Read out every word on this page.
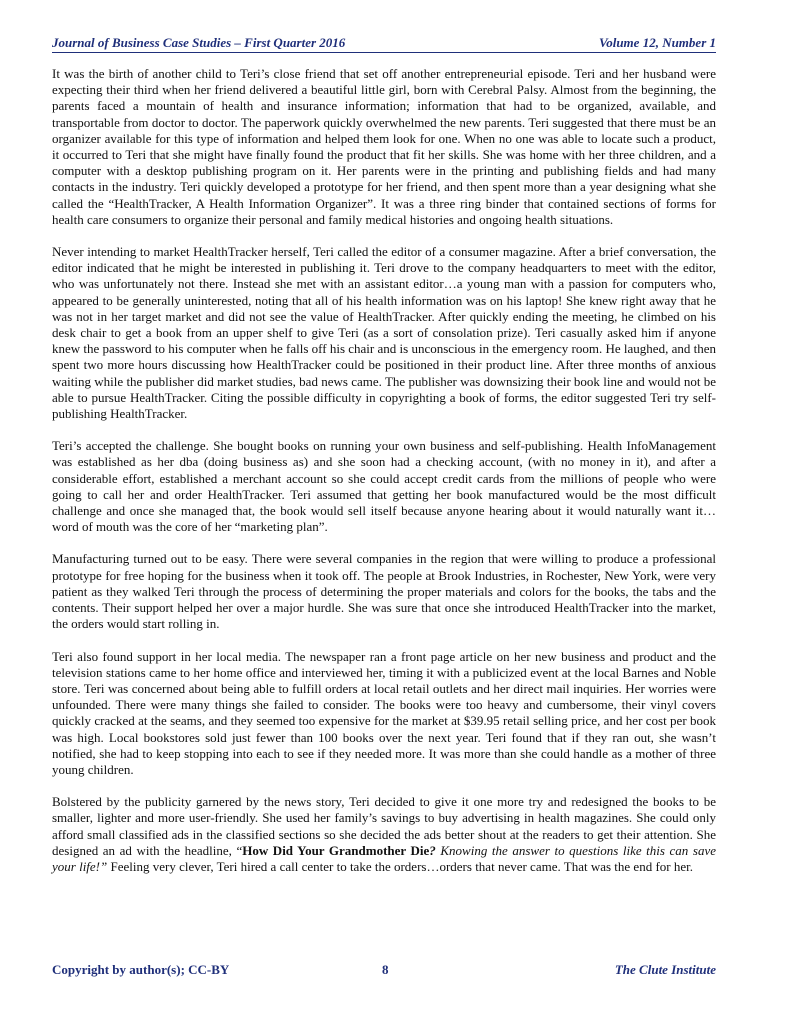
Journal of Business Case Studies – First Quarter 2016	Volume 12, Number 1

It was the birth of another child to Teri’s close friend that set off another entrepreneurial episode. Teri and her husband were expecting their third when her friend delivered a beautiful little girl, born with Cerebral Palsy. Almost from the beginning, the parents faced a mountain of health and insurance information; information that had to be organized, available, and transportable from doctor to doctor. The paperwork quickly overwhelmed the new parents. Teri suggested that there must be an organizer available for this type of information and helped them look for one. When no one was able to locate such a product, it occurred to Teri that she might have finally found the product that fit her skills. She was home with her three children, and a computer with a desktop publishing program on it. Her parents were in the printing and publishing fields and had many contacts in the industry. Teri quickly developed a prototype for her friend, and then spent more than a year designing what she called the “HealthTracker, A Health Information Organizer”. It was a three ring binder that contained sections of forms for health care consumers to organize their personal and family medical histories and ongoing health situations.

Never intending to market HealthTracker herself, Teri called the editor of a consumer magazine. After a brief conversation, the editor indicated that he might be interested in publishing it. Teri drove to the company headquarters to meet with the editor, who was unfortunately not there. Instead she met with an assistant editor…a young man with a passion for computers who, appeared to be generally uninterested, noting that all of his health information was on his laptop! She knew right away that he was not in her target market and did not see the value of HealthTracker. After quickly ending the meeting, he climbed on his desk chair to get a book from an upper shelf to give Teri (as a sort of consolation prize). Teri casually asked him if anyone knew the password to his computer when he falls off his chair and is unconscious in the emergency room. He laughed, and then spent two more hours discussing how HealthTracker could be positioned in their product line. After three months of anxious waiting while the publisher did market studies, bad news came. The publisher was downsizing their book line and would not be able to pursue HealthTracker. Citing the possible difficulty in copyrighting a book of forms, the editor suggested Teri try self-publishing HealthTracker.

Teri’s accepted the challenge. She bought books on running your own business and self-publishing. Health InfoManagement was established as her dba (doing business as) and she soon had a checking account, (with no money in it), and after a considerable effort, established a merchant account so she could accept credit cards from the millions of people who were going to call her and order HealthTracker. Teri assumed that getting her book manufactured would be the most difficult challenge and once she managed that, the book would sell itself because anyone hearing about it would naturally want it…word of mouth was the core of her “marketing plan”.

Manufacturing turned out to be easy. There were several companies in the region that were willing to produce a professional prototype for free hoping for the business when it took off. The people at Brook Industries, in Rochester, New York, were very patient as they walked Teri through the process of determining the proper materials and colors for the books, the tabs and the contents. Their support helped her over a major hurdle. She was sure that once she introduced HealthTracker into the market, the orders would start rolling in.

Teri also found support in her local media. The newspaper ran a front page article on her new business and product and the television stations came to her home office and interviewed her, timing it with a publicized event at the local Barnes and Noble store. Teri was concerned about being able to fulfill orders at local retail outlets and her direct mail inquiries. Her worries were unfounded. There were many things she failed to consider. The books were too heavy and cumbersome, their vinyl covers quickly cracked at the seams, and they seemed too expensive for the market at $39.95 retail selling price, and her cost per book was high. Local bookstores sold just fewer than 100 books over the next year. Teri found that if they ran out, she wasn’t notified, she had to keep stopping into each to see if they needed more. It was more than she could handle as a mother of three young children.

Bolstered by the publicity garnered by the news story, Teri decided to give it one more try and redesigned the books to be smaller, lighter and more user-friendly. She used her family’s savings to buy advertising in health magazines. She could only afford small classified ads in the classified sections so she decided the ads better shout at the readers to get their attention. She designed an ad with the headline, “How Did Your Grandmother Die? Knowing the answer to questions like this can save your life!” Feeling very clever, Teri hired a call center to take the orders…orders that never came. That was the end for her.

Copyright by author(s); CC-BY	8	The Clute Institute
